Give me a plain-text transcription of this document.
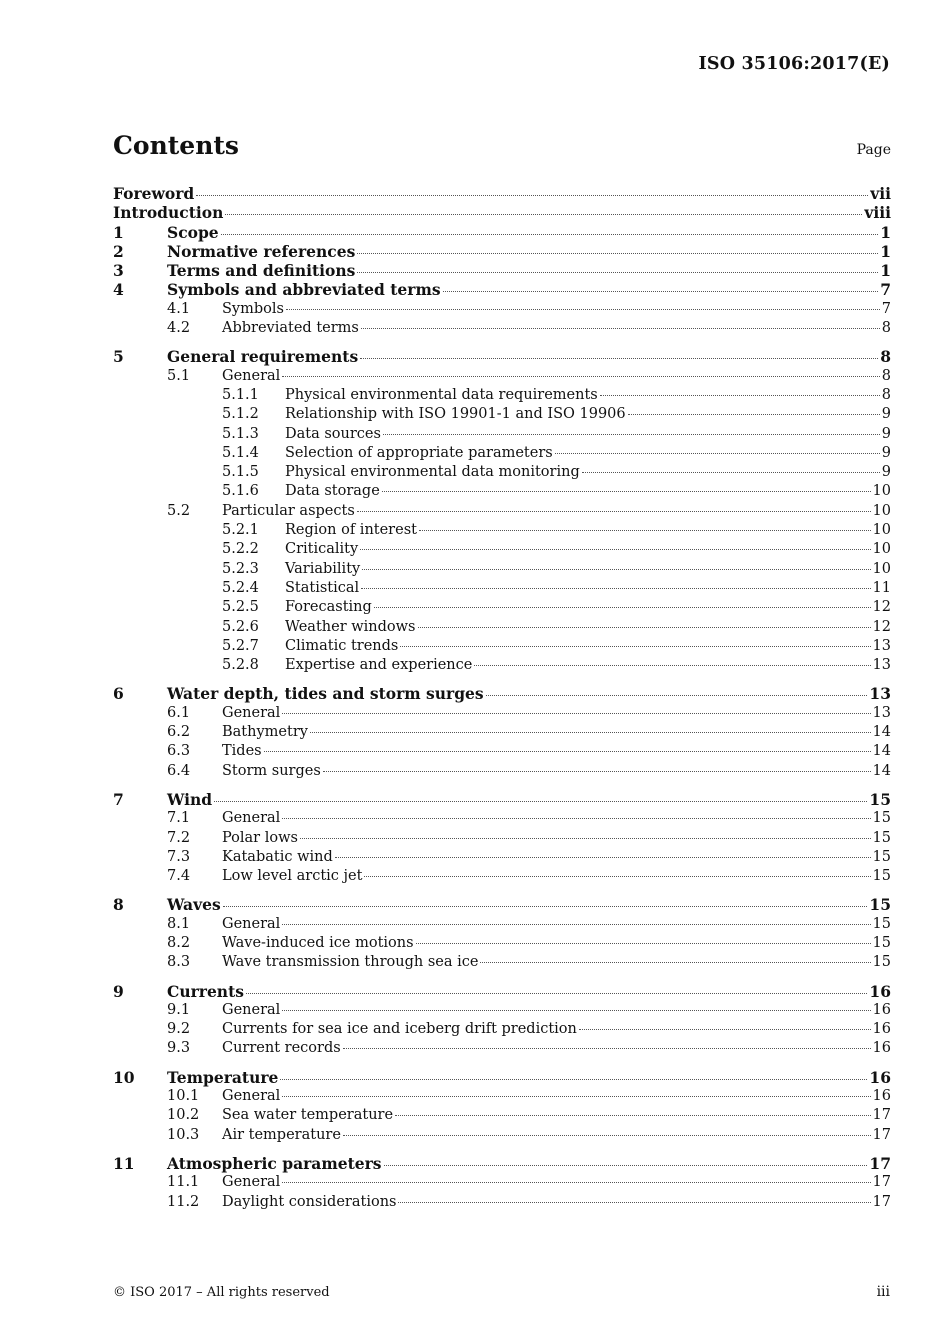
ISO 35106:2017(E)
Contents	Page
Foreword	vii
Introduction	viii
1	Scope	1
2	Normative references	1
3	Terms and definitions	1
4	Symbols and abbreviated terms	7
4.1 Symbols	7
4.2 Abbreviated terms	8
5	General requirements	8
5.1 General	8
5.1.1 Physical environmental data requirements	8
5.1.2 Relationship with ISO 19901-1 and ISO 19906	9
5.1.3 Data sources	9
5.1.4 Selection of appropriate parameters	9
5.1.5 Physical environmental data monitoring	9
5.1.6 Data storage	10
5.2 Particular aspects	10
5.2.1 Region of interest	10
5.2.2 Criticality	10
5.2.3 Variability	10
5.2.4 Statistical	11
5.2.5 Forecasting	12
5.2.6 Weather windows	12
5.2.7 Climatic trends	13
5.2.8 Expertise and experience	13
6	Water depth, tides and storm surges	13
6.1 General	13
6.2 Bathymetry	14
6.3 Tides	14
6.4 Storm surges	14
7	Wind	15
7.1 General	15
7.2 Polar lows	15
7.3 Katabatic wind	15
7.4 Low level arctic jet	15
8	Waves	15
8.1 General	15
8.2 Wave-induced ice motions	15
8.3 Wave transmission through sea ice	15
9	Currents	16
9.1 General	16
9.2 Currents for sea ice and iceberg drift prediction	16
9.3 Current records	16
10 Temperature	16
10.1 General	16
10.2 Sea water temperature	17
10.3 Air temperature	17
11 Atmospheric parameters	17
11.1 General	17
11.2 Daylight considerations	17
© ISO 2017 – All rights reserved	iii
